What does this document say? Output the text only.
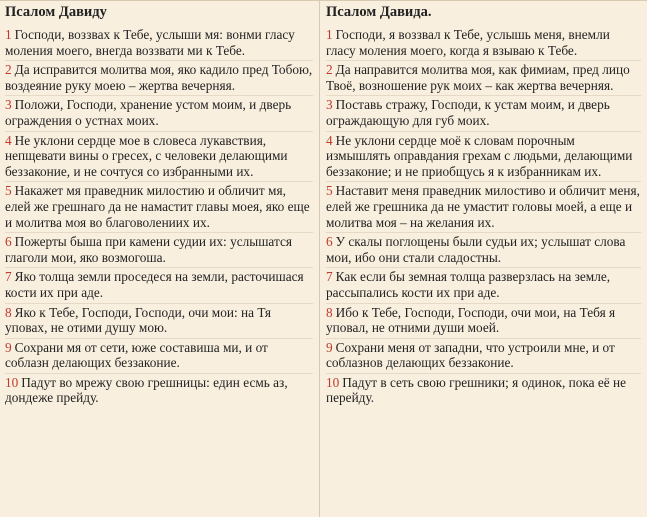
Псалом Давиду

1 Господи, воззвах к Тебе, услыши мя: вонми гласу моления моего, внегда воззвати ми к Тебе.

2 Да исправится молитва моя, яко кадило пред Тобою, воздеяние руку моею – жертва вечерняя.

3 Положи, Господи, хранение устом моим, и дверь ограждения о устнах моих.

4 Не уклони сердце мое в словеса лукавствия, непщевати вины о гресех, с человеки делающими беззаконие, и не сочтуся со избранными их.

5 Накажет мя праведник милостию и обличит мя, елей же грешнаго да не намастит главы моея, яко еще и молитва моя во благоволениих их.

6 Пожерты быша при камени судии их: услышатся глаголи мои, яко возмогоша.

7 Яко толща земли проседеся на земли, расточишася кости их при аде.

8 Яко к Тебе, Господи, Господи, очи мои: на Тя уповах, не отими душу мою.

9 Сохрани мя от сети, юже составиша ми, и от соблазн делающих беззаконие.

10 Падут во мрежу свою грешницы: един есмь аз, дондеже прейду.

Псалом Давида.

1 Господи, я воззвал к Тебе, услышь меня, внемли гласу моления моего, когда я взываю к Тебе.

2 Да направится молитва моя, как фимиам, пред лицо Твоё, возношение рук моих – как жертва вечерняя.

3 Поставь стражу, Господи, к устам моим, и дверь ограждающую для губ моих.

4 Не уклони сердце моё к словам порочным измышлять оправдания грехам с людьми, делающими беззаконие; и не приобщусь я к избранникам их.

5 Наставит меня праведник милостиво и обличит меня, елей же грешника да не умастит головы моей, а еще и молитва моя – на желания их.

6 У скалы поглощены были судьи их; услышат слова мои, ибо они стали сладостны.

7 Как если бы земная толща разверзлась на земле, рассыпались кости их при аде.

8 Ибо к Тебе, Господи, Господи, очи мои, на Тебя я уповал, не отними души моей.

9 Сохрани меня от западни, что устроили мне, и от соблазнов делающих беззаконие.

10 Падут в сеть свою грешники; я одинок, пока её не перейду.
